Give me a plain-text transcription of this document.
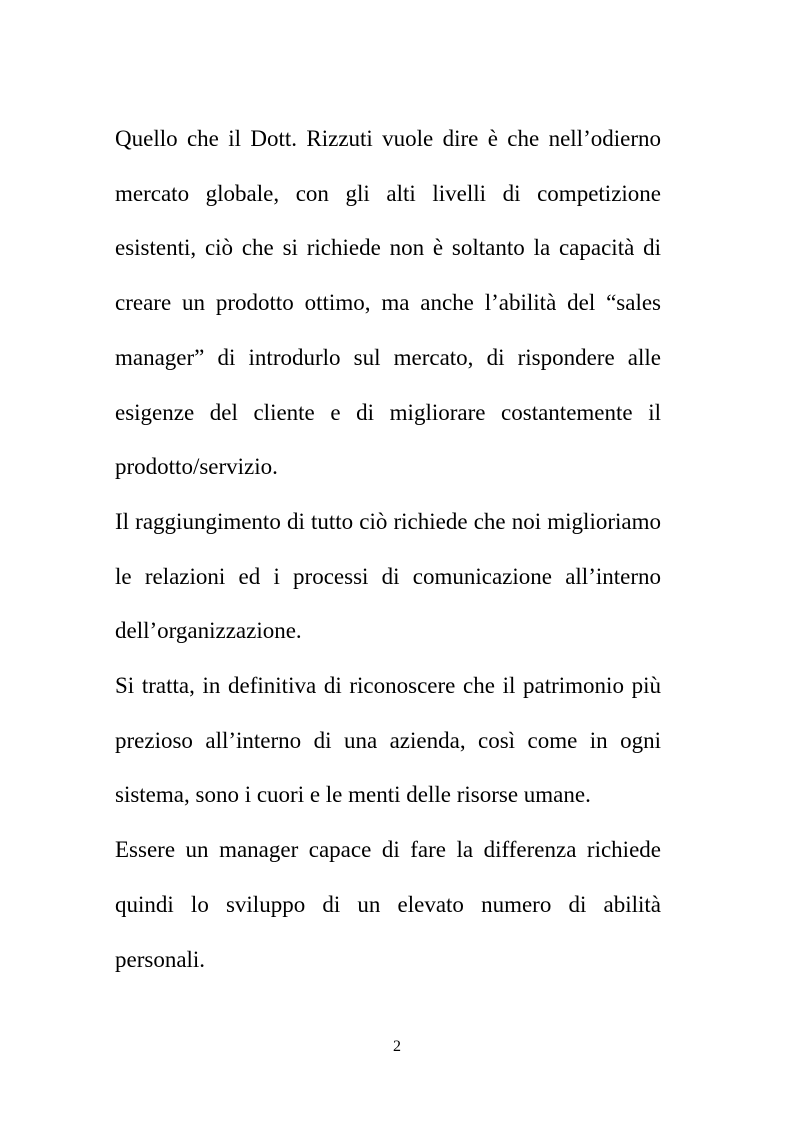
Quello che il Dott. Rizzuti vuole dire è che nell’odierno mercato globale, con gli alti livelli di competizione esistenti, ciò che si richiede non è soltanto la capacità di creare un prodotto ottimo, ma anche l’abilità del “sales manager” di introdurlo sul mercato, di rispondere alle esigenze del cliente e di migliorare costantemente il prodotto/servizio.

Il raggiungimento di tutto ciò richiede che noi miglioriamo le relazioni ed i processi di comunicazione all’interno dell’organizzazione.

Si tratta, in definitiva di riconoscere che il patrimonio più prezioso all’interno di una azienda, così come in ogni sistema, sono i cuori e le menti delle risorse umane.

Essere un manager capace di fare la differenza richiede quindi lo sviluppo di un elevato numero di abilità personali.

2
